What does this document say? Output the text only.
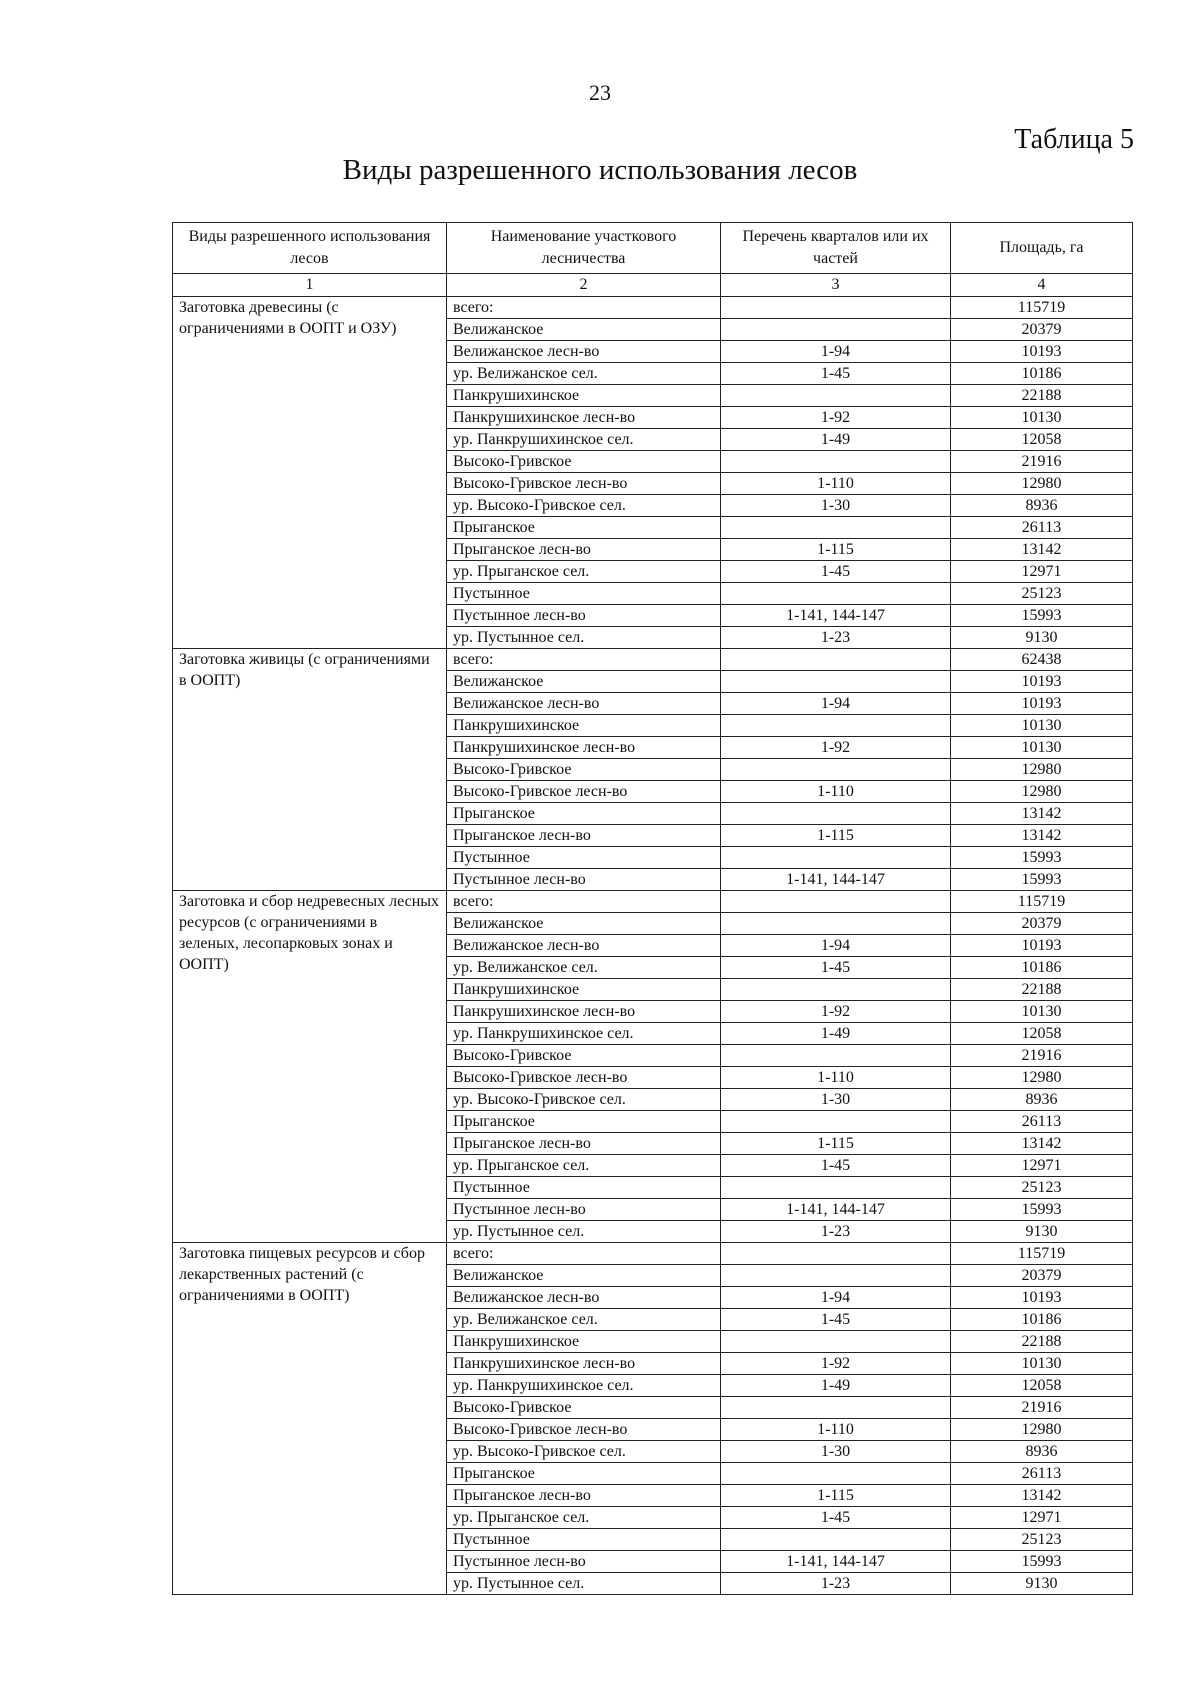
23
Таблица 5
Виды разрешенного использования лесов
Виды разрешенного использования лесов	Наименование участкового лесничества	Перечень кварталов или их частей	Площадь, га
1	2	3	4
Заготовка древесины (с ограничениями в ООПТ и ОЗУ)	всего:		115719
	Велижанское		20379
	Велижанское лесн-во	1-94	10193
	ур. Велижанское сел.	1-45	10186
	Панкрушихинское		22188
	Панкрушихинское лесн-во	1-92	10130
	ур. Панкрушихинское сел.	1-49	12058
	Высоко-Гривское		21916
	Высоко-Гривское лесн-во	1-110	12980
	ур. Высоко-Гривское сел.	1-30	8936
	Прыганское		26113
	Прыганское лесн-во	1-115	13142
	ур. Прыганское сел.	1-45	12971
	Пустынное		25123
	Пустынное лесн-во	1-141, 144-147	15993
	ур. Пустынное сел.	1-23	9130
Заготовка живицы (с ограничениями в ООПТ)	всего:		62438
	Велижанское		10193
	Велижанское лесн-во	1-94	10193
	Панкрушихинское		10130
	Панкрушихинское лесн-во	1-92	10130
	Высоко-Гривское		12980
	Высоко-Гривское лесн-во	1-110	12980
	Прыганское		13142
	Прыганское лесн-во	1-115	13142
	Пустынное		15993
	Пустынное лесн-во	1-141, 144-147	15993
Заготовка и сбор недревесных лесных ресурсов (с ограничениями в зеленых, лесопарковых зонах и ООПТ)	всего:		115719
	Велижанское		20379
	Велижанское лесн-во	1-94	10193
	ур. Велижанское сел.	1-45	10186
	Панкрушихинское		22188
	Панкрушихинское лесн-во	1-92	10130
	ур. Панкрушихинское сел.	1-49	12058
	Высоко-Гривское		21916
	Высоко-Гривское лесн-во	1-110	12980
	ур. Высоко-Гривское сел.	1-30	8936
	Прыганское		26113
	Прыганское лесн-во	1-115	13142
	ур. Прыганское сел.	1-45	12971
	Пустынное		25123
	Пустынное лесн-во	1-141, 144-147	15993
	ур. Пустынное сел.	1-23	9130
Заготовка пищевых ресурсов и сбор лекарственных растений (с ограничениями в ООПТ)	всего:		115719
	Велижанское		20379
	Велижанское лесн-во	1-94	10193
	ур. Велижанское сел.	1-45	10186
	Панкрушихинское		22188
	Панкрушихинское лесн-во	1-92	10130
	ур. Панкрушихинское сел.	1-49	12058
	Высоко-Гривское		21916
	Высоко-Гривское лесн-во	1-110	12980
	ур. Высоко-Гривское сел.	1-30	8936
	Прыганское		26113
	Прыганское лесн-во	1-115	13142
	ур. Прыганское сел.	1-45	12971
	Пустынное		25123
	Пустынное лесн-во	1-141, 144-147	15993
	ур. Пустынное сел.	1-23	9130
